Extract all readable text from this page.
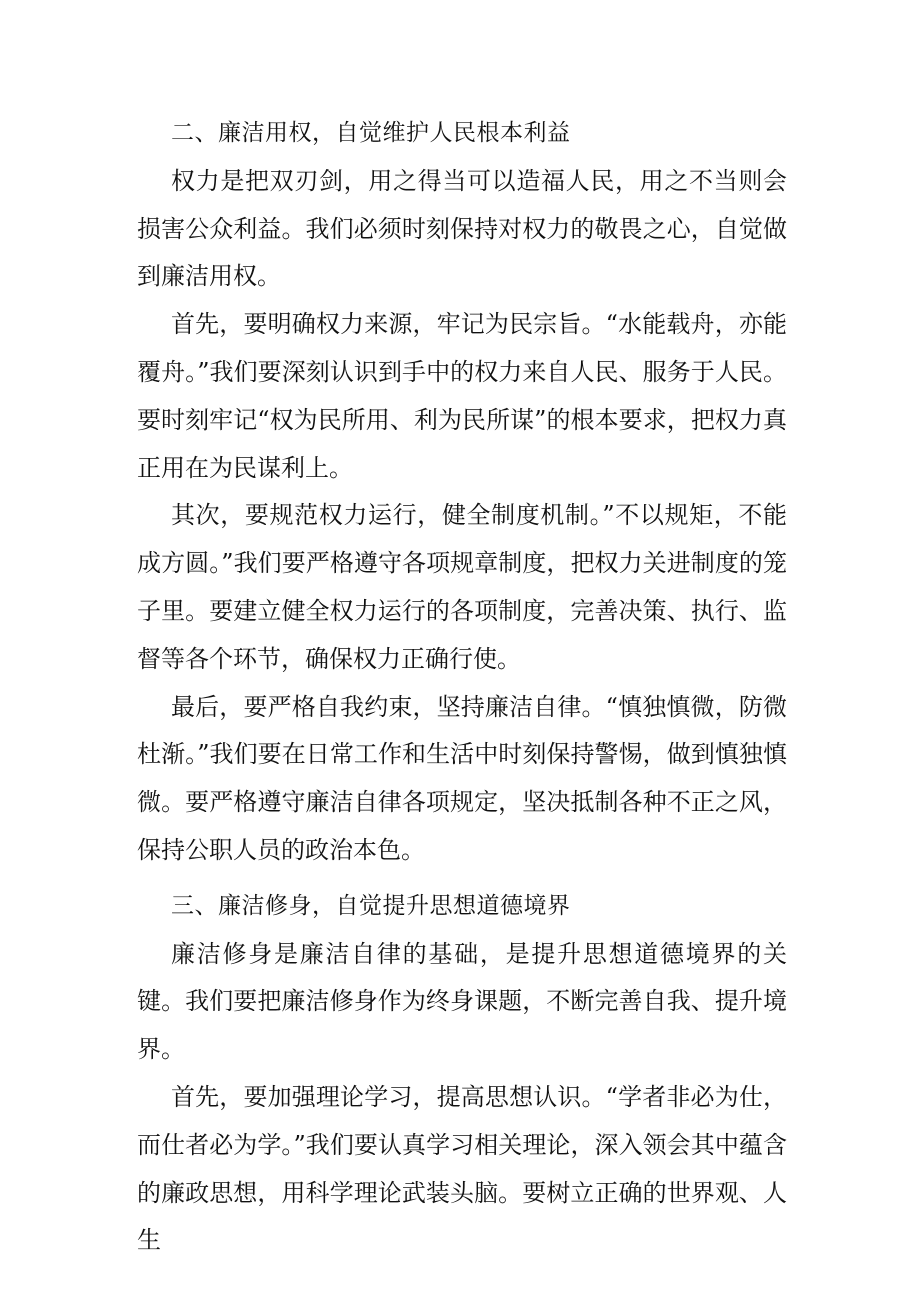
二、廉洁用权，自觉维护人民根本利益

权力是把双刃剑，用之得当可以造福人民，用之不当则会损害公众利益。我们必须时刻保持对权力的敬畏之心，自觉做到廉洁用权。

首先，要明确权力来源，牢记为民宗旨。“水能载舟，亦能覆舟。”我们要深刻认识到手中的权力来自人民、服务于人民。要时刻牢记“权为民所用、利为民所谋”的根本要求，把权力真正用在为民谋利上。

其次，要规范权力运行，健全制度机制。”不以规矩，不能成方圆。”我们要严格遵守各项规章制度，把权力关进制度的笼子里。要建立健全权力运行的各项制度，完善决策、执行、监督等各个环节，确保权力正确行使。

最后，要严格自我约束，坚持廉洁自律。“慎独慎微，防微杜渐。”我们要在日常工作和生活中时刻保持警惕，做到慎独慎微。要严格遵守廉洁自律各项规定，坚决抵制各种不正之风，保持公职人员的政治本色。

三、廉洁修身，自觉提升思想道德境界

廉洁修身是廉洁自律的基础，是提升思想道德境界的关键。我们要把廉洁修身作为终身课题，不断完善自我、提升境界。

首先，要加强理论学习，提高思想认识。“学者非必为仕，而仕者必为学。”我们要认真学习相关理论，深入领会其中蕴含的廉政思想，用科学理论武装头脑。要树立正确的世界观、人生
